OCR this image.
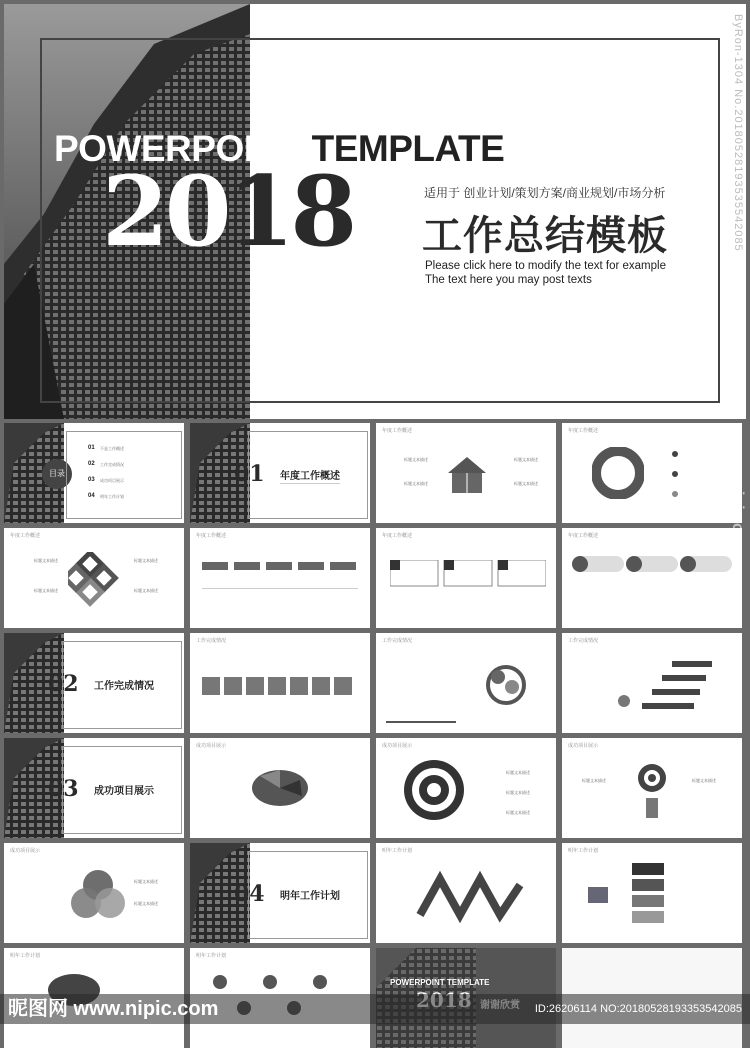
POWERPOINT TEMPLATE
2018	适用于 创业计划/策划方案/商业规划/市场分析
工作总结模板
Please click here to modify the text for example
The text here you may post texts
ByRon-1304 No.20180528193535542085
目录
01 不是工作概述
02 工作完成情况
03 成功项目展示
04 明年工作计划
01 年度工作概述
年度工作概述
标题文本描述
标题文本描述
标题文本描述
标题文本描述
年度工作概述
年度工作概述
标题文本描述
标题文本描述
标题文本描述
标题文本描述
年度工作概述	年度工作概述	年度工作概述
02 工作完成情况
工作完成情况	工作完成情况	工作完成情况
03 成功项目展示
成功项目展示	成功项目展示
标题文本描述
标题文本描述
标题文本描述
成功项目展示
标题文本描述	标题文本描述
成功项目展示
标题文本描述
标题文本描述	04 明年工作计划
明年工作计划	明年工作计划
明年工作计划	明年工作计划
POWERPOINT TEMPLATE
www.nipic.com
昵图网 www.nipic.com	ID:26206114 NO:20180528193353542085
